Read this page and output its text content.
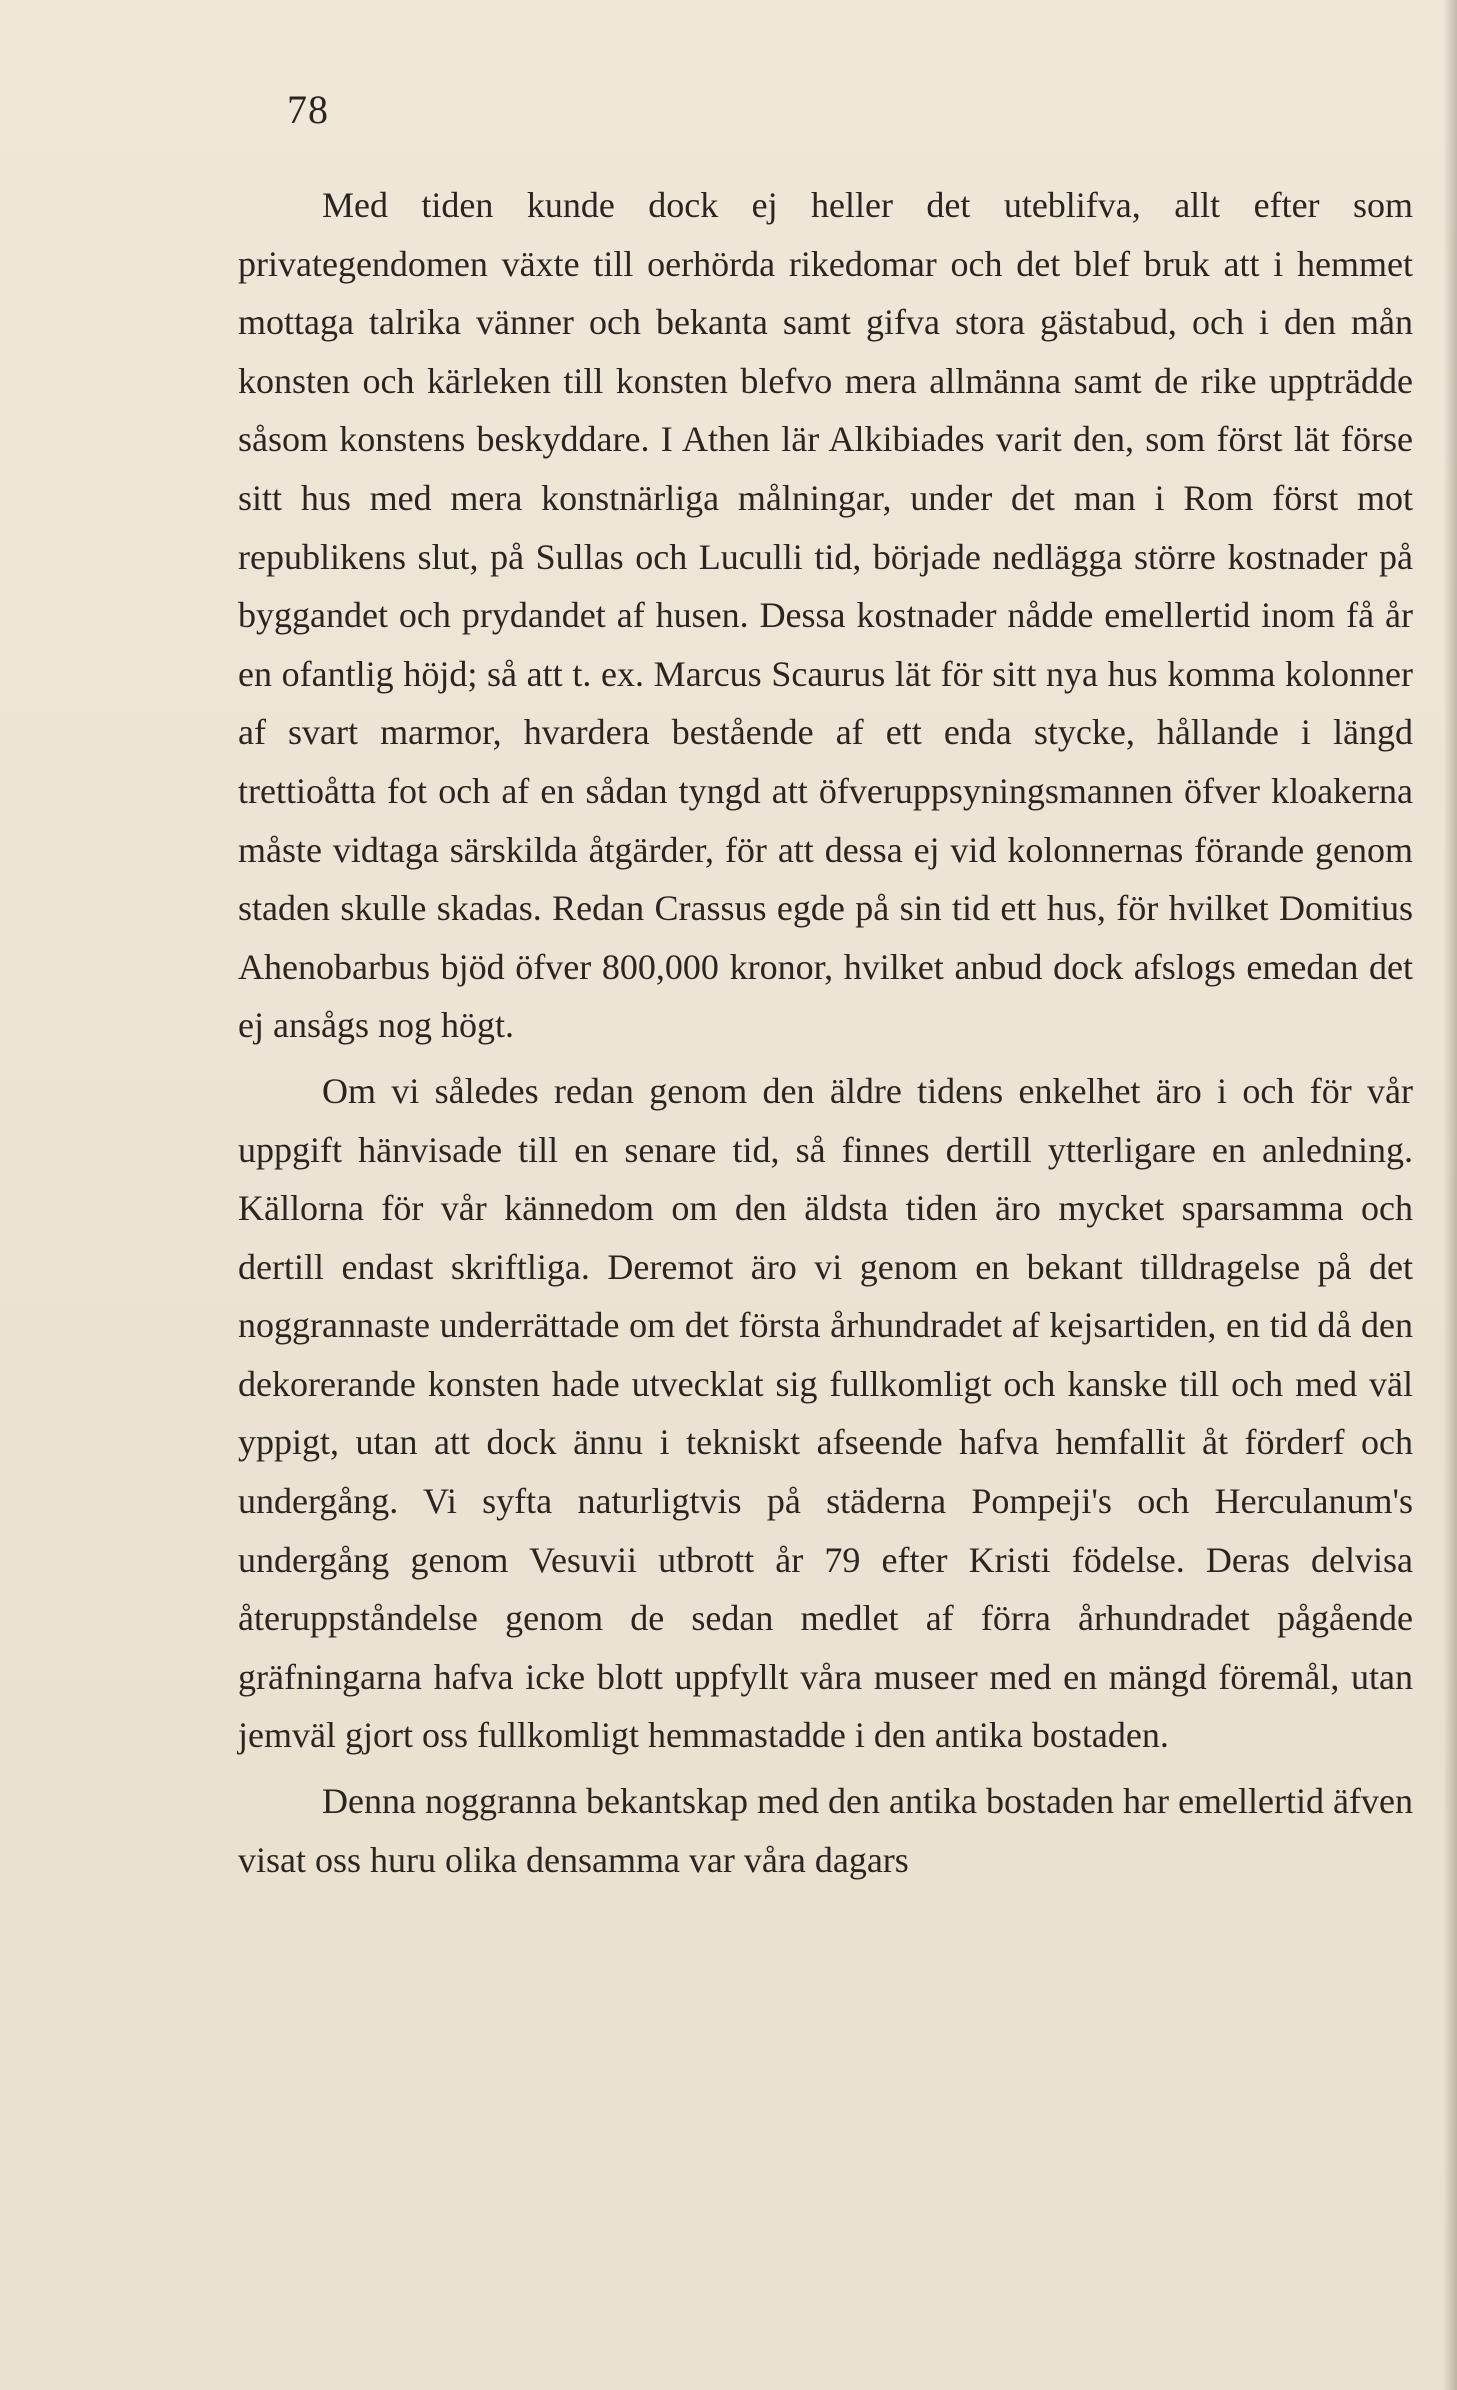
78

Med tiden kunde dock ej heller det uteblifva, allt efter som privategendomen växte till oerhörda rikedomar och det blef bruk att i hemmet mottaga talrika vänner och bekanta samt gifva stora gästabud, och i den mån konsten och kärleken till konsten blefvo mera allmänna samt de rike uppträdde såsom konstens beskyddare. I Athen lär Alkibiades varit den, som först lät förse sitt hus med mera konstnärliga målningar, under det man i Rom först mot republikens slut, på Sullas och Luculli tid, började nedlägga större kostnader på byggandet och prydandet af husen. Dessa kostnader nådde emellertid inom få år en ofantlig höjd; så att t. ex. Marcus Scaurus lät för sitt nya hus komma kolonner af svart marmor, hvardera bestående af ett enda stycke, hållande i längd trettioåtta fot och af en sådan tyngd att öfveruppsyningsmannen öfver kloakerna måste vidtaga särskilda åtgärder, för att dessa ej vid kolonnernas förande genom staden skulle skadas. Redan Crassus egde på sin tid ett hus, för hvilket Domitius Ahenobarbus bjöd öfver 800,000 kronor, hvilket anbud dock afslogs emedan det ej ansågs nog högt.

Om vi således redan genom den äldre tidens enkelhet äro i och för vår uppgift hänvisade till en senare tid, så finnes dertill ytterligare en anledning. Källorna för vår kännedom om den äldsta tiden äro mycket sparsamma och dertill endast skriftliga. Deremot äro vi genom en bekant tilldragelse på det noggrannaste underrättade om det första århundradet af kejsartiden, en tid då den dekorerande konsten hade utvecklat sig fullkomligt och kanske till och med väl yppigt, utan att dock ännu i tekniskt afseende hafva hemfallit åt förderf och undergång. Vi syfta naturligtvis på städerna Pompeji's och Herculanum's undergång genom Vesuvii utbrott år 79 efter Kristi födelse. Deras delvisa återuppståndelse genom de sedan medlet af förra århundradet pågående gräfningarna hafva icke blott uppfyllt våra museer med en mängd föremål, utan jemväl gjort oss fullkomligt hemmastadde i den antika bostaden.

Denna noggranna bekantskap med den antika bostaden har emellertid äfven visat oss huru olika densamma var våra dagars
